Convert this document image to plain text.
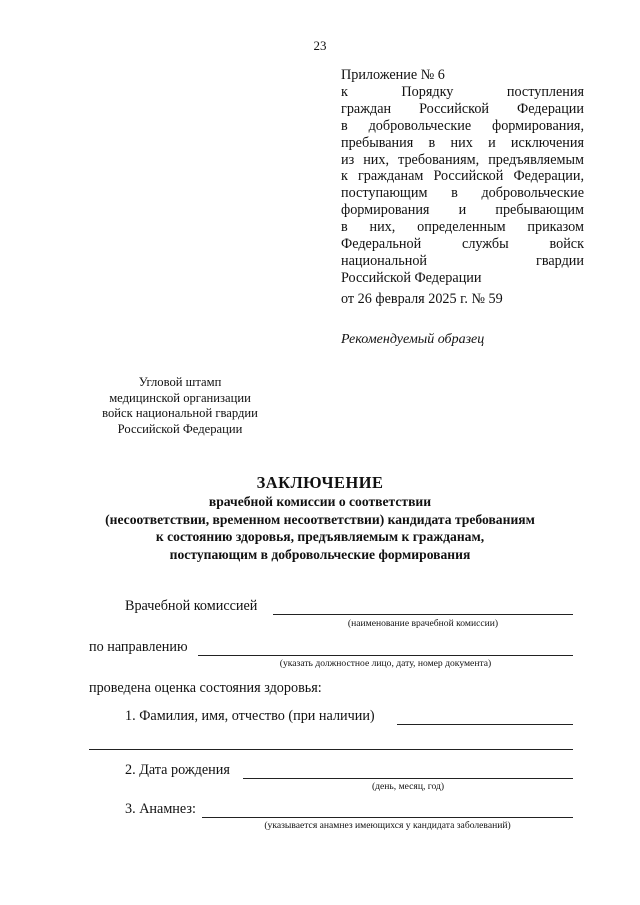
23
Приложение № 6
к Порядку поступления
граждан Российской Федерации
в добровольческие формирования,
пребывания в них и исключения
из них, требованиям, предъявляемым
к гражданам Российской Федерации,
поступающим в добровольческие
формирования и пребывающим
в них, определенным приказом
Федеральной службы войск
национальной гвардии
Российской Федерации
от 26 февраля 2025 г. № 59
Рекомендуемый образец
Угловой штамп
медицинской организации
войск национальной гвардии
Российской Федерации
ЗАКЛЮЧЕНИЕ
врачебной комиссии о соответствии
(несоответствии, временном несоответствии) кандидата требованиям
к состоянию здоровья, предъявляемым к гражданам,
поступающим в добровольческие формирования
Врачебной комиссией
(наименование врачебной комиссии)
по направлению
(указать должностное лицо, дату, номер документа)
проведена оценка состояния здоровья:
1. Фамилия, имя, отчество (при наличии)
2. Дата рождения
(день, месяц, год)
3. Анамнез:
(указывается анамнез имеющихся у кандидата заболеваний)
